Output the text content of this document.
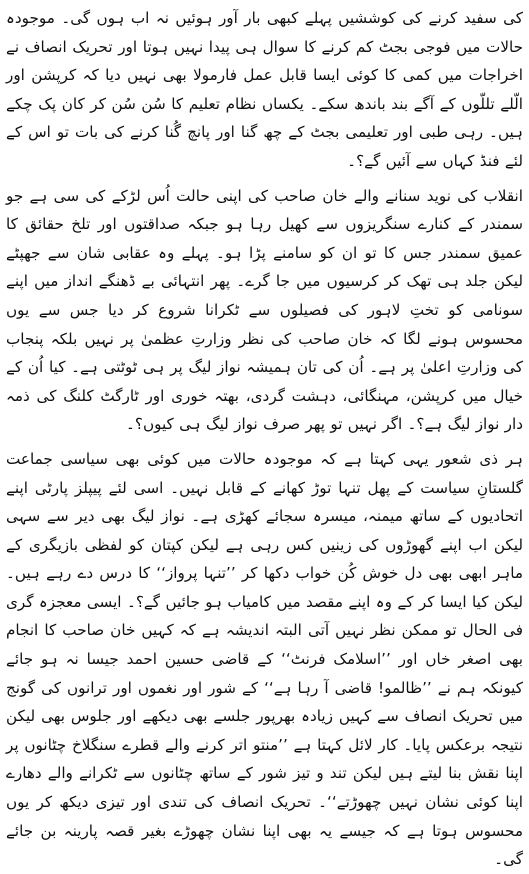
کی سفید کرنے کی کوششیں پہلے کبھی بار آور ہوئیں نہ اب ہوں گی۔ موجودہ حالات میں فوجی بجٹ کم کرنے کا سوال ہی پیدا نہیں ہوتا اور تحریک انصاف نے اخراجات میں کمی کا کوئی ایسا قابل عمل فارمولا بھی نہیں دیا کہ کرپشن اور الّلے تللّوں کے آگے بند باندھ سکے۔ یکساں نظام تعلیم کا سُن سُن کر کان پک چکے ہیں۔ رہی طبی اور تعلیمی بجٹ کے چھ گنا اور پانچ گُنا کرنے کی بات تو اس کے لئے فنڈ کہاں سے آئیں گے؟۔

انقلاب کی نوید سنانے والے خان صاحب کی اپنی حالت اُس لڑکے کی سی ہے جو سمندر کے کنارے سنگریزوں سے کھیل رہا ہو جبکہ صداقتوں اور تلخ حقائق کا عمیق سمندر جس کا تو ان کو سامنے پڑا ہو۔ پہلے وہ عقابی شان سے جھپٹے لیکن جلد ہی تھک کر کرسیوں میں جا گرے۔ پھر انتہائی بے ڈھنگے انداز میں اپنے سونامی کو تختِ لاہور کی فصیلوں سے ٹکرانا شروع کر دیا جس سے یوں محسوس ہونے لگا کہ خان صاحب کی نظر وزارتِ عظمیٰ پر نہیں بلکہ پنجاب کی وزارتِ اعلیٰ پر ہے۔ اُن کی تان ہمیشہ نواز لیگ پر ہی ٹوٹتی ہے۔ کیا اُن کے خیال میں کرپشن، مہنگائی، دہشت گردی، بھتہ خوری اور ٹارگٹ کلنگ کی ذمہ دار نواز لیگ ہے؟۔ اگر نہیں تو پھر صرف نواز لیگ ہی کیوں؟۔

ہر ذی شعور یہی کہتا ہے کہ موجودہ حالات میں کوئی بھی سیاسی جماعت گلستانِ سیاست کے پھل تنہا توڑ کھانے کے قابل نہیں۔ اسی لئے پیپلز پارٹی اپنے اتحادیوں کے ساتھ میمنہ، میسرہ سجائے کھڑی ہے۔ نواز لیگ بھی دیر سے سہی لیکن اب اپنے گھوڑوں کی زینیں کس رہی ہے لیکن کپتان کو لفظی بازیگری کے ماہر ابھی بھی دل خوش کُن خواب دکھا کر ’’تنہا پرواز‘‘ کا درس دے رہے ہیں۔ لیکن کیا ایسا کر کے وہ اپنے مقصد میں کامیاب ہو جائیں گے؟۔ ایسی معجزہ گری فی الحال تو ممکن نظر نہیں آتی البتہ اندیشہ ہے کہ کہیں خان صاحب کا انجام بھی اصغر خاں اور ’’اسلامک فرنٹ‘‘ کے قاضی حسین احمد جیسا نہ ہو جائے کیونکہ ہم نے ’’ظالمو! قاضی آ رہا ہے‘‘ کے شور اور نغموں اور ترانوں کی گونج میں تحریک انصاف سے کہیں زیادہ بھرپور جلسے بھی دیکھے اور جلوس بھی لیکن نتیجہ برعکس پایا۔ کار لائل کہتا ہے ’’منتو اتر کرنے والے قطرے سنگلاخ چٹانوں پر اپنا نقش بنا لیتے ہیں لیکن تند و تیز شور کے ساتھ چٹانوں سے ٹکرانے والے دھارے اپنا کوئی نشان نہیں چھوڑتے‘‘۔ تحریک انصاف کی تندی اور تیزی دیکھ کر یوں محسوس ہوتا ہے کہ جیسے یہ بھی اپنا نشان چھوڑے بغیر قصہ پارینہ بن جائے گی۔
